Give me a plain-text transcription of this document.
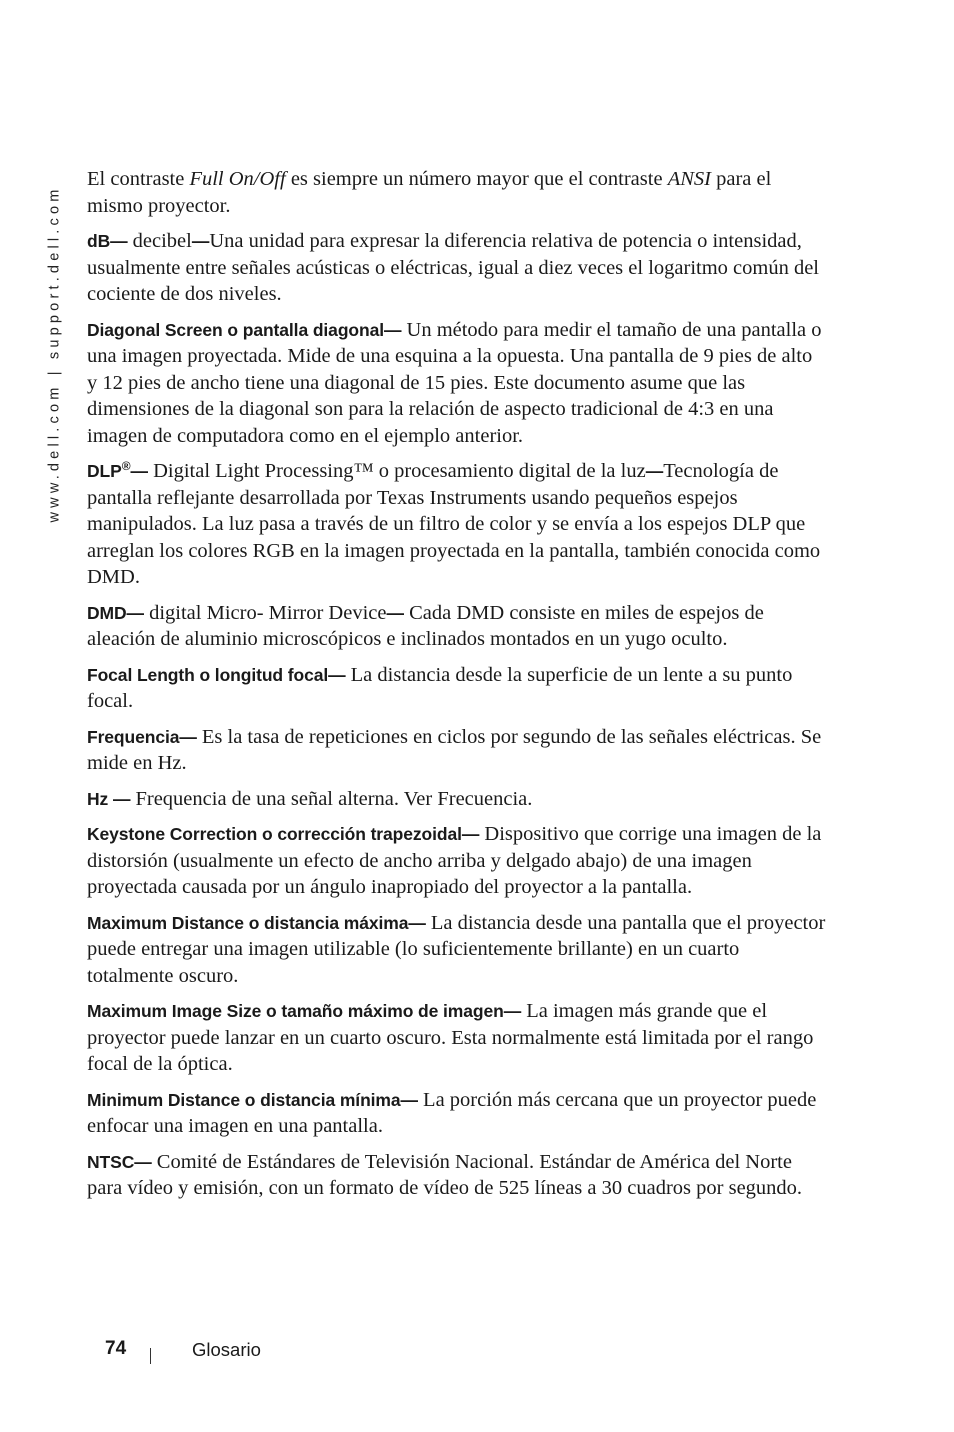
www.dell.com | support.dell.com

El contraste Full On/Off es siempre un número mayor que el contraste ANSI para el mismo proyector.

dB— decibel—Una unidad para expresar la diferencia relativa de potencia o intensidad, usualmente entre señales acústicas o eléctricas, igual a diez veces el logaritmo común del cociente de dos niveles.

Diagonal Screen o pantalla diagonal— Un método para medir el tamaño de una pantalla o una imagen proyectada. Mide de una esquina a la opuesta. Una pantalla de 9 pies de alto y 12 pies de ancho tiene una diagonal de 15 pies. Este documento asume que las dimensiones de la diagonal son para la relación de aspecto tradicional de 4:3 en una imagen de computadora como en el ejemplo anterior.

DLP®— Digital Light Processing™ o procesamiento digital de la luz—Tecnología de pantalla reflejante desarrollada por Texas Instruments usando pequeños espejos manipulados. La luz pasa a través de un filtro de color y se envía a los espejos DLP que arreglan los colores RGB en la imagen proyectada en la pantalla, también conocida como DMD.

DMD— digital Micro- Mirror Device— Cada DMD consiste en miles de espejos de aleación de aluminio microscópicos e inclinados montados en un yugo oculto.

Focal Length o longitud focal— La distancia desde la superficie de un lente a su punto focal.

Frequencia— Es la tasa de repeticiones en ciclos por segundo de las señales eléctricas. Se mide en Hz.

Hz — Frequencia de una señal alterna. Ver Frecuencia.

Keystone Correction o corrección trapezoidal— Dispositivo que corrige una imagen de la distorsión (usualmente un efecto de ancho arriba y delgado abajo) de una imagen proyectada causada por un ángulo inapropiado del proyector a la pantalla.

Maximum Distance o distancia máxima— La distancia desde una pantalla que el proyector puede entregar una imagen utilizable (lo suficientemente brillante) en un cuarto totalmente oscuro.

Maximum Image Size o tamaño máximo de imagen— La imagen más grande que el proyector puede lanzar en un cuarto oscuro. Esta normalmente está limitada por el rango focal de la óptica.

Minimum Distance o distancia mínima— La porción más cercana que un proyector puede enfocar una imagen en una pantalla.

NTSC— Comité de Estándares de Televisión Nacional. Estándar de América del Norte para vídeo y emisión, con un formato de vídeo de 525 líneas a 30 cuadros por segundo.

74	Glosario
